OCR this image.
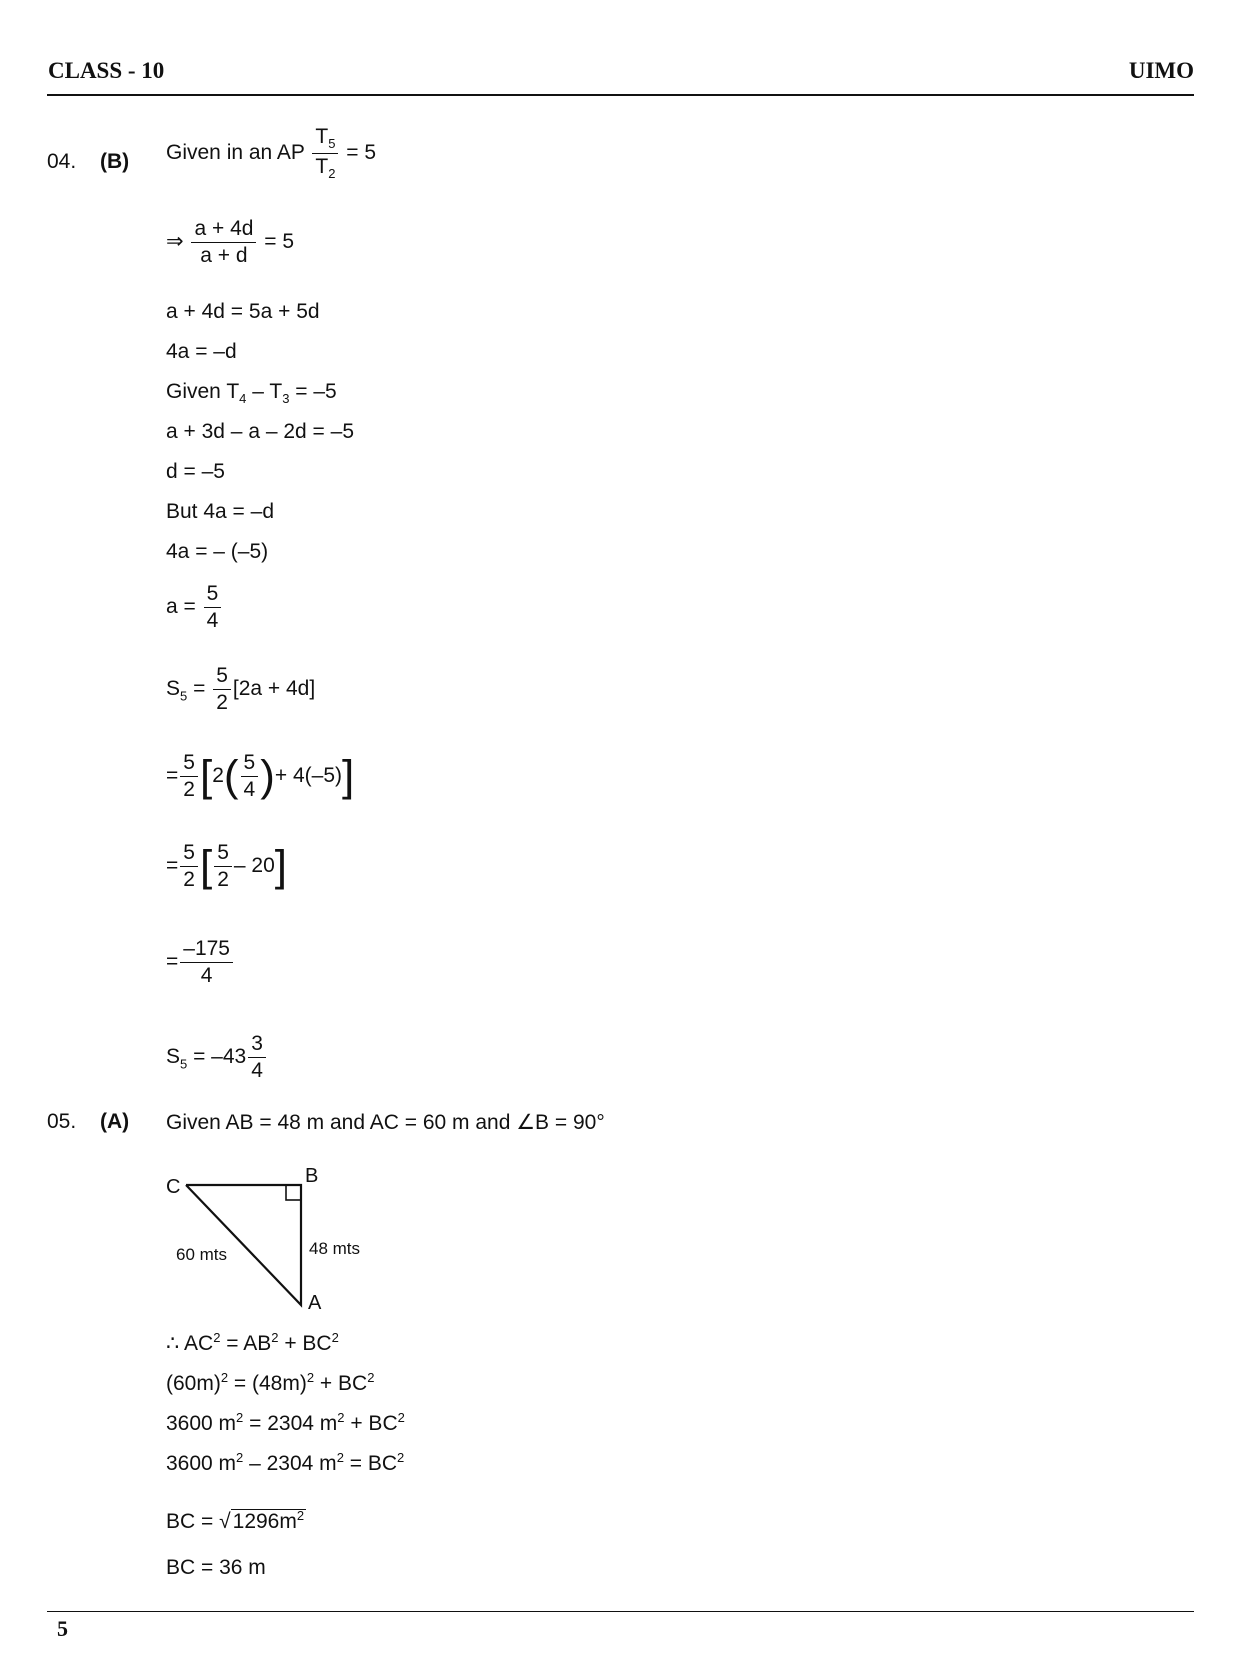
CLASS - 10	UIMO
04. (B) Given in an AP $\frac{T_5}{T_2} = 5$
⇒ $\frac{a + 4d}{a + d} = 5$
a + 4d = 5a + 5d
4a = –d
Given $T_4 - T_3 = -5$
a + 3d – a – 2d = –5
d = –5
But 4a = –d
4a = – (–5)
$a = \frac{5}{4}$
$S_5 = \frac{5}{2} [2a + 4d]$
= $\frac{5}{2} [2( \frac{5}{4}$ )+ 4(–5)]
= $\frac{5}{2}$ [ $\frac{5}{2} - 20$]
= $\frac{-175}{4}$
$S_5 = -43 \frac{3}{4}$
05. (A) Given AB = 48 m and AC = 60 m and ∠B = 90°
C	B
A
60 mts	48 mts
∴ $AC^2 = AB^2 + BC^2$
$(60m)^2 = (48m)^2 + BC^2$
3600 $m^2 = 2304$ $m^2 + BC^2$
3600 $m^2 - 2304$ $m^2 = BC^2$
BC = $√1296m^2$
BC = 36 m
5
